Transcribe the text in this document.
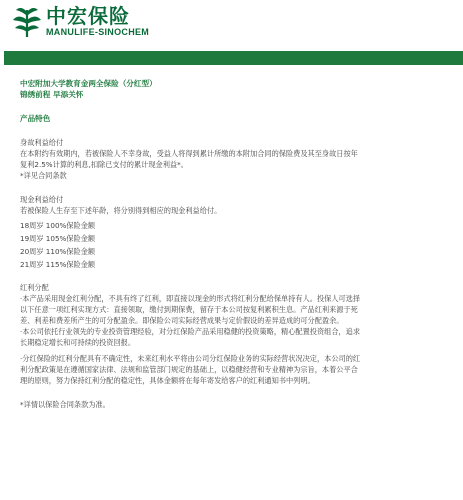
中宏保险
MANULIFE-SINOCHEM

中宏附加大学教育金两全保险（分红型）

锦绣前程 早添关怀

产品特色

身故利益给付

在本附约有效期内，若被保险人不幸身故，受益人将得到累计所缴的本附加合同的保险费及其至身故日按年

复利2.5%计算的利息,扣除已支付的累计现金利益*。

*详见合同条款

现金利益给付

若被保险人生存至下述年龄，将分别得到相应的现金利益给付。

18周岁 100%保险金额

19周岁 105%保险金额

20周岁 110%保险金额

21周岁 115%保险金额

红利分配

·本产品采用现金红利分配，不具有终了红利，即直接以现金的形式将红利分配给保单持有人。投保人可选择

以下任意一项红利实现方式：直接领取，缴付到期保费，留存于本公司按复利累积生息。产品红利来源于死

差、利差和费差所产生的可分配盈余。即保险公司实际经营成果与定价假设的差异造成的可分配盈余。

·本公司依托行业领先的专业投资管理经验，对分红保险产品采用稳健的投资策略，精心配置投资组合，追求

长期稳定增长和可持续的投资回报。

·分红保险的红利分配具有不确定性，未来红利水平将由公司分红保险业务的实际经营状况决定，本公司的红

利分配政策是在遵循国家法律、法规和监管部门规定的基础上，以稳健经营和专业精神为宗旨，本着公平合

理的原则，努力保持红利分配的稳定性，具体金额将在每年寄发给客户的红利通知书中列明。

*详情以保险合同条款为准。
